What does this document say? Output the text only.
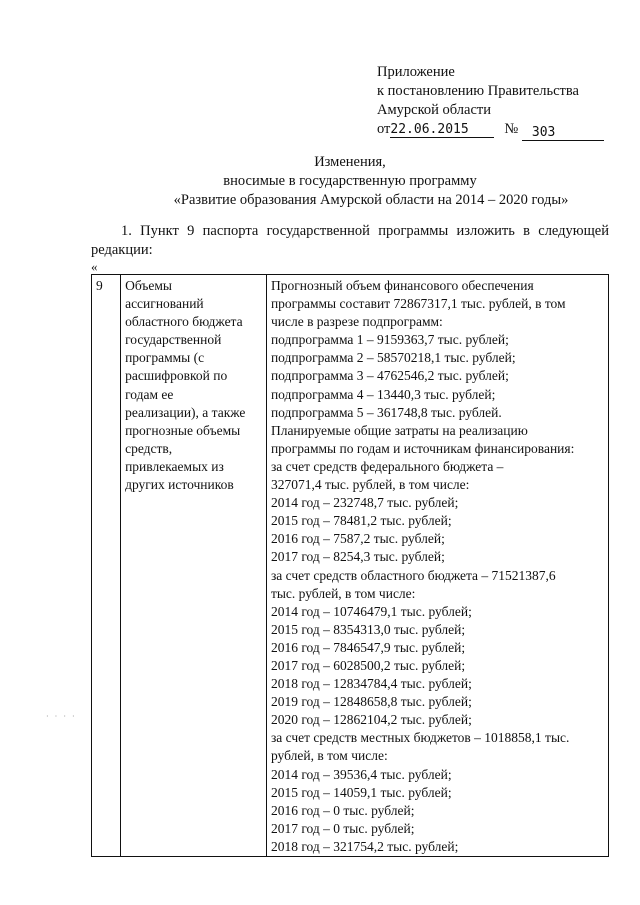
Приложение
к постановлению Правительства
Амурской области
от22.06.2015 № 303
Изменения,
вносимые в государственную программу
«Развитие образования Амурской области на 2014 – 2020 годы»
1. Пункт 9 паспорта государственной программы изложить в следующей
редакции:
«
9	Объемы
ассигнований
областного бюджета
государственной
программы (с
расшифровкой по
годам ее
реализации), а также
прогнозные объемы
средств,
привлекаемых из
других источников

Прогнозный объем финансового обеспечения
программы составит 72867317,1 тыс. рублей, в том
числе в разрезе подпрограмм:
подпрограмма 1 – 9159363,7 тыс. рублей;
подпрограмма 2 – 58570218,1 тыс. рублей;
подпрограмма 3 – 4762546,2 тыс. рублей;
подпрограмма 4 – 13440,3 тыс. рублей;
подпрограмма 5 – 361748,8 тыс. рублей.
Планируемые общие затраты на реализацию
программы по годам и источникам финансирования:
за счет средств федерального бюджета –
327071,4 тыс. рублей, в том числе:
2014 год – 232748,7 тыс. рублей;
2015 год – 78481,2 тыс. рублей;
2016 год – 7587,2 тыс. рублей;
2017 год – 8254,3 тыс. рублей;
за счет средств областного бюджета – 71521387,6
тыс. рублей, в том числе:
2014 год – 10746479,1 тыс. рублей;
2015 год – 8354313,0 тыс. рублей;
2016 год – 7846547,9 тыс. рублей;
2017 год – 6028500,2 тыс. рублей;
2018 год – 12834784,4 тыс. рублей;
2019 год – 12848658,8 тыс. рублей;
2020 год – 12862104,2 тыс. рублей;
за счет средств местных бюджетов – 1018858,1 тыс.
рублей, в том числе:
2014 год – 39536,4 тыс. рублей;
2015 год – 14059,1 тыс. рублей;
2016 год – 0 тыс. рублей;
2017 год – 0 тыс. рублей;
2018 год – 321754,2 тыс. рублей;
· · · ·
